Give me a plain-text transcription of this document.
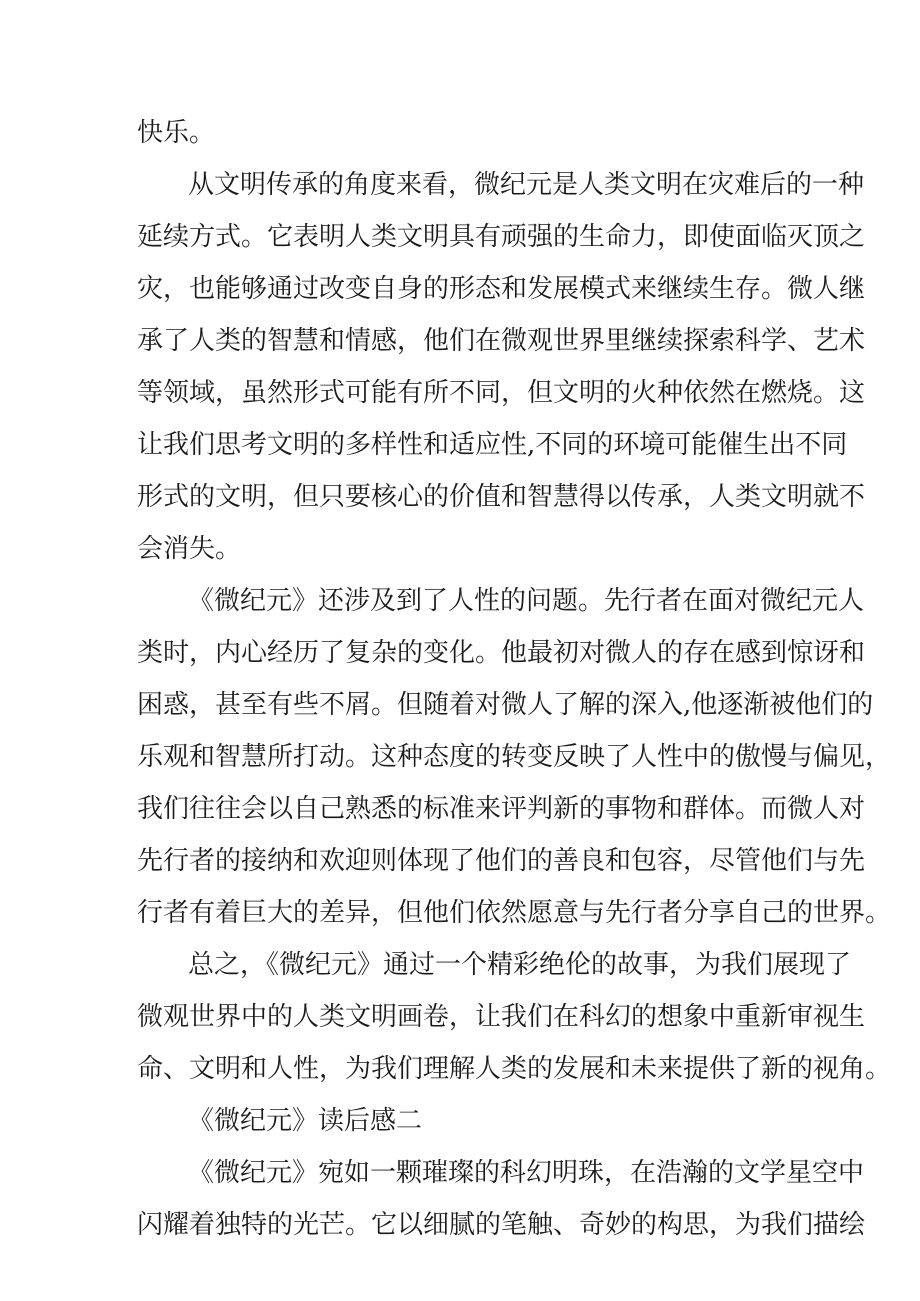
快乐。

从文明传承的角度来看，微纪元是人类文明在灾难后的一种

延续方式。它表明人类文明具有顽强的生命力，即使面临灭顶之

灾，也能够通过改变自身的形态和发展模式来继续生存。微人继

承了人类的智慧和情感，他们在微观世界里继续探索科学、艺术

等领域，虽然形式可能有所不同，但文明的火种依然在燃烧。这

让我们思考文明的多样性和适应性,不同的环境可能催生出不同

形式的文明，但只要核心的价值和智慧得以传承，人类文明就不

会消失。

《微纪元》还涉及到了人性的问题。先行者在面对微纪元人

类时，内心经历了复杂的变化。他最初对微人的存在感到惊讶和

困惑，甚至有些不屑。但随着对微人了解的深入,他逐渐被他们的

乐观和智慧所打动。这种态度的转变反映了人性中的傲慢与偏见，

我们往往会以自己熟悉的标准来评判新的事物和群体。而微人对

先行者的接纳和欢迎则体现了他们的善良和包容，尽管他们与先

行者有着巨大的差异，但他们依然愿意与先行者分享自己的世界。

总之，《微纪元》通过一个精彩绝伦的故事，为我们展现了

微观世界中的人类文明画卷，让我们在科幻的想象中重新审视生

命、文明和人性，为我们理解人类的发展和未来提供了新的视角。

《微纪元》读后感二

《微纪元》宛如一颗璀璨的科幻明珠，在浩瀚的文学星空中

闪耀着独特的光芒。它以细腻的笔触、奇妙的构思，为我们描绘
